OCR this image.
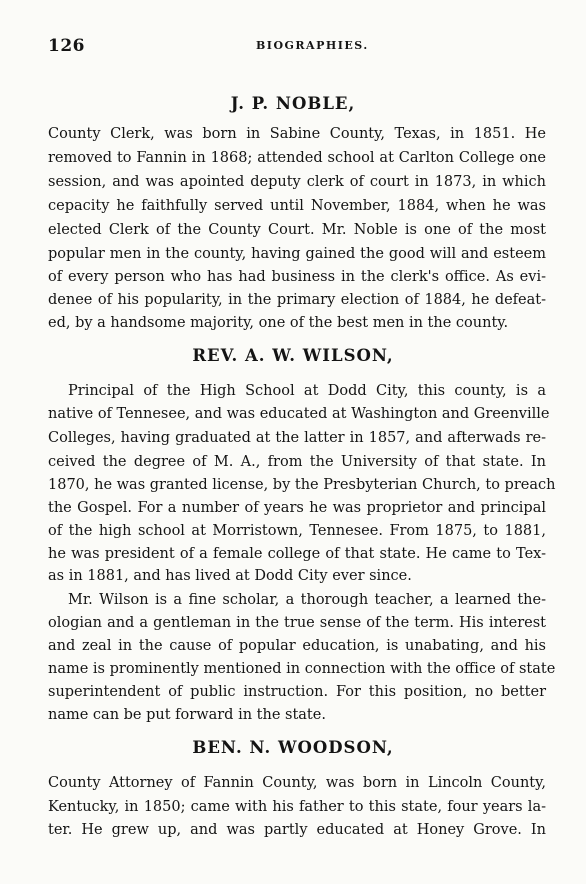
126	BIOGRAPHIES.
J. P. NOBLE,
County Clerk, was born in Sabine County, Texas, in 1851. He
removed to Fannin in 1868; attended school at Carlton College one
session, and was apointed deputy clerk of court in 1873, in which
cepacity he faithfully served until November, 1884, when he was
elected Clerk of the County Court. Mr. Noble is one of the most
popular men in the county, having gained the good will and esteem
of every person who has had business in the clerk's office. As evi-
denee of his popularity, in the primary election of 1884, he defeat-
ed, by a handsome majority, one of the best men in the county.
REV. A. W. WILSON,
Principal of the High School at Dodd City, this county, is a
native of Tennesee, and was educated at Washington and Greenville
Colleges, having graduated at the latter in 1857, and afterwads re-
ceived the degree of M. A., from the University of that state. In
1870, he was granted license, by the Presbyterian Church, to preach
the Gospel. For a number of years he was proprietor and principal
of the high school at Morristown, Tennesee. From 1875, to 1881,
he was president of a female college of that state. He came to Tex-
as in 1881, and has lived at Dodd City ever since.
Mr. Wilson is a fine scholar, a thorough teacher, a learned the-
ologian and a gentleman in the true sense of the term. His interest
and zeal in the cause of popular education, is unabating, and his
name is prominently mentioned in connection with the office of state
superintendent of public instruction. For this position, no better
name can be put forward in the state.
BEN. N. WOODSON,
County Attorney of Fannin County, was born in Lincoln County,
Kentucky, in 1850; came with his father to this state, four years la-
ter. He grew up, and was partly educated at Honey Grove. In
